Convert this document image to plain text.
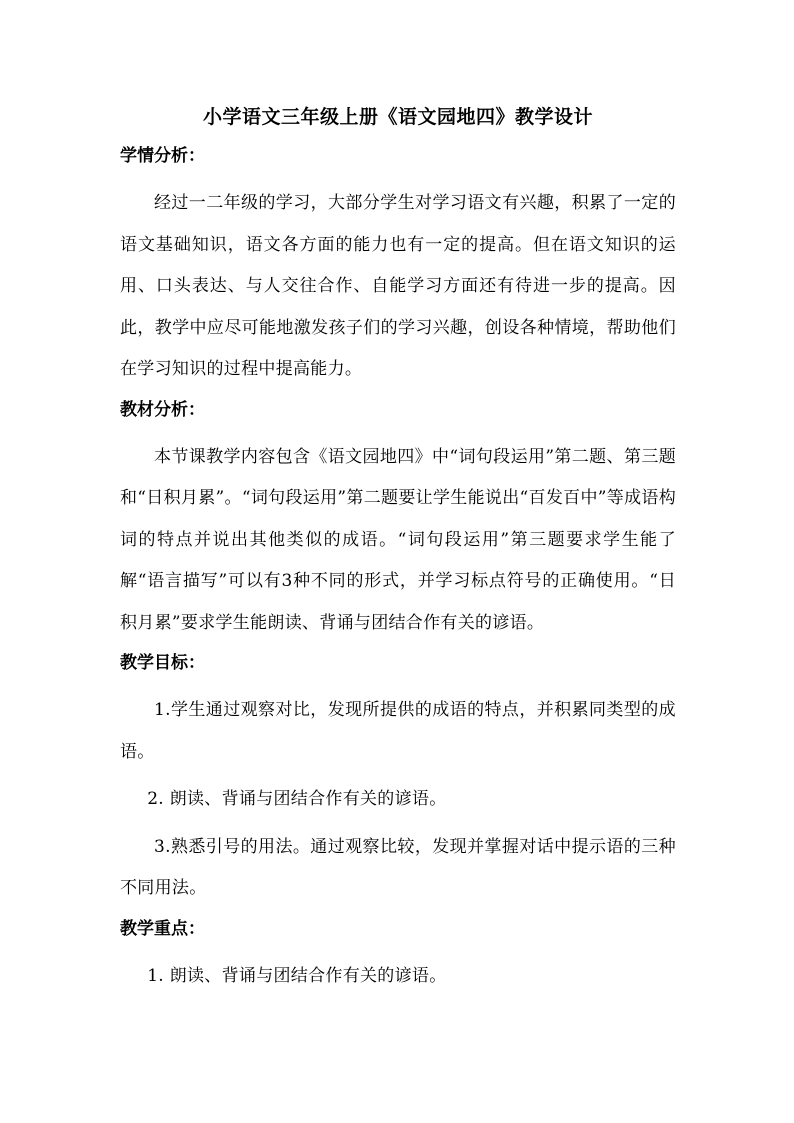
小学语文三年级上册《语文园地四》教学设计
学情分析：

经过一二年级的学习，大部分学生对学习语文有兴趣，积累了一定的语文基础知识，语文各方面的能力也有一定的提高。但在语文知识的运用、口头表达、与人交往合作、自能学习方面还有待进一步的提高。因此，教学中应尽可能地激发孩子们的学习兴趣，创设各种情境，帮助他们在学习知识的过程中提高能力。

教材分析：

本节课教学内容包含《语文园地四》中“词句段运用”第二题、第三题和“日积月累”。“词句段运用”第二题要让学生能说出“百发百中”等成语构词的特点并说出其他类似的成语。“词句段运用”第三题要求学生能了解“语言描写”可以有3种不同的形式，并学习标点符号的正确使用。“日积月累”要求学生能朗读、背诵与团结合作有关的谚语。

教学目标：

1.学生通过观察对比，发现所提供的成语的特点，并积累同类型的成语。

2. 朗读、背诵与团结合作有关的谚语。

3.熟悉引号的用法。通过观察比较，发现并掌握对话中提示语的三种不同用法。

教学重点：

1. 朗读、背诵与团结合作有关的谚语。
